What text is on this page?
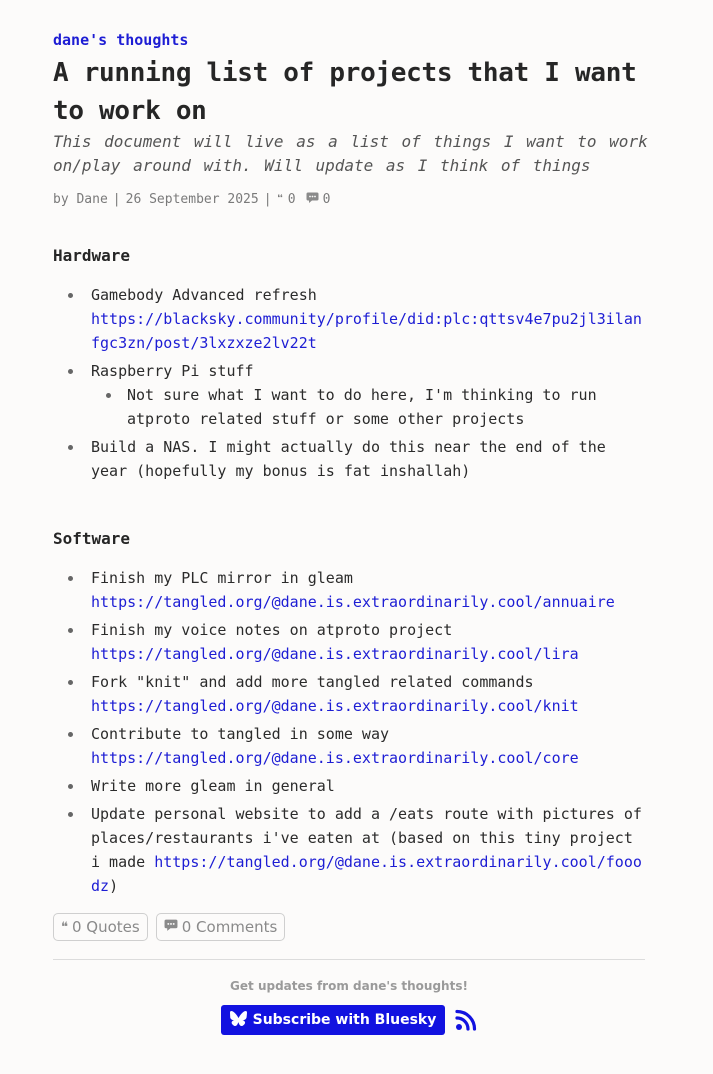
dane's thoughts
A running list of projects that I want to work on

This document will live as a list of things I want to work on/play around with. Will update as I think of things

by Dane | 26 September 2025 | ❝ 0 0
Hardware
Gamebody Advanced refresh
https://blacksky.community/profile/did:plc:qttsv4e7pu2jl3ilanfgc3zn/post/3lxzxze2lv22t
Raspberry Pi stuff
Not sure what I want to do here, I'm thinking to run atproto related stuff or some other projects
Build a NAS. I might actually do this near the end of the year (hopefully my bonus is fat inshallah)
Software
Finish my PLC mirror in gleam
https://tangled.org/@dane.is.extraordinarily.cool/annuaire
Finish my voice notes on atproto project
https://tangled.org/@dane.is.extraordinarily.cool/lira
Fork "knit" and add more tangled related commands
https://tangled.org/@dane.is.extraordinarily.cool/knit
Contribute to tangled in some way
https://tangled.org/@dane.is.extraordinarily.cool/core
Write more gleam in general
Update personal website to add a /eats route with pictures of places/restaurants i've eaten at (based on this tiny project i made https://tangled.org/@dane.is.extraordinarily.cool/fooodz)
❝ 0 Quotes	0 Comments
Get updates from dane's thoughts!
Subscribe with Bluesky
